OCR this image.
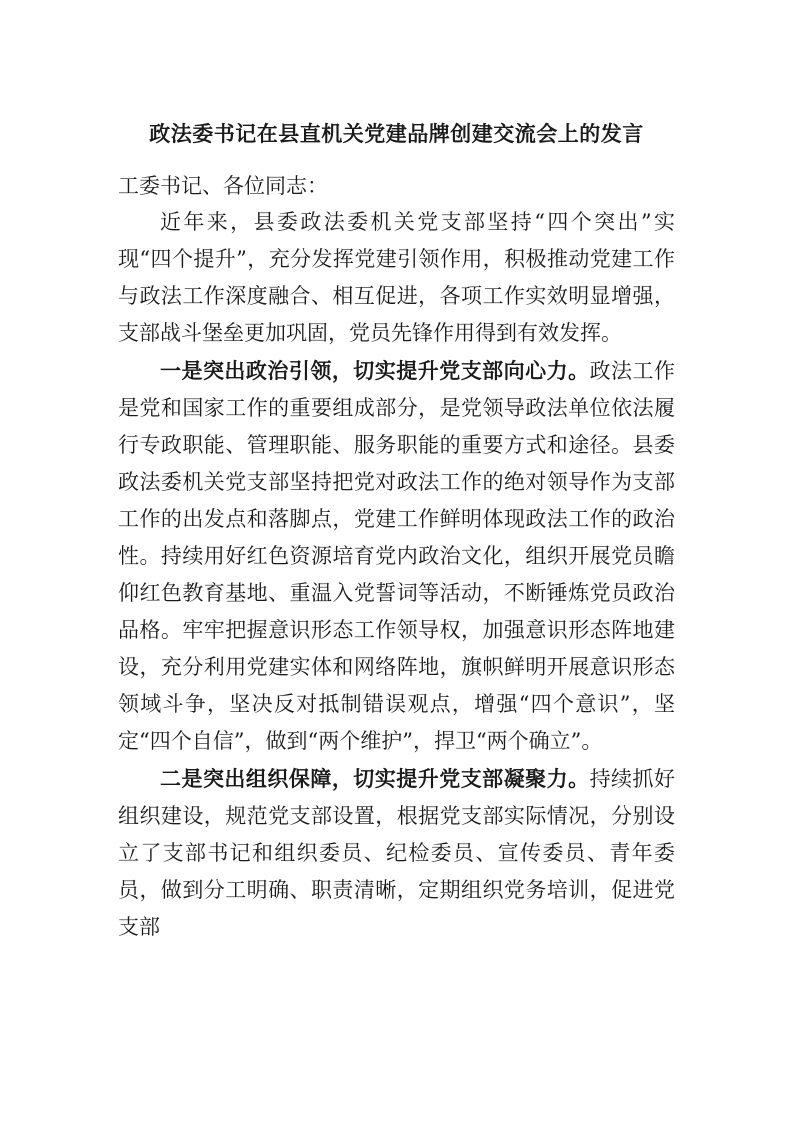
政法委书记在县直机关党建品牌创建交流会上的发言

工委书记、各位同志：

近年来，县委政法委机关党支部坚持“四个突出”实现“四个提升”，充分发挥党建引领作用，积极推动党建工作与政法工作深度融合、相互促进，各项工作实效明显增强，支部战斗堡垒更加巩固，党员先锋作用得到有效发挥。

一是突出政治引领，切实提升党支部向心力。政法工作是党和国家工作的重要组成部分，是党领导政法单位依法履行专政职能、管理职能、服务职能的重要方式和途径。县委政法委机关党支部坚持把党对政法工作的绝对领导作为支部工作的出发点和落脚点，党建工作鲜明体现政法工作的政治性。持续用好红色资源培育党内政治文化，组织开展党员瞻仰红色教育基地、重温入党誓词等活动，不断锤炼党员政治品格。牢牢把握意识形态工作领导权，加强意识形态阵地建设，充分利用党建实体和网络阵地，旗帜鲜明开展意识形态领域斗争，坚决反对抵制错误观点，增强“四个意识”，坚定“四个自信”，做到“两个维护”，捍卫“两个确立”。

二是突出组织保障，切实提升党支部凝聚力。持续抓好组织建设，规范党支部设置，根据党支部实际情况，分别设立了支部书记和组织委员、纪检委员、宣传委员、青年委员，做到分工明确、职责清晰，定期组织党务培训，促进党支部
